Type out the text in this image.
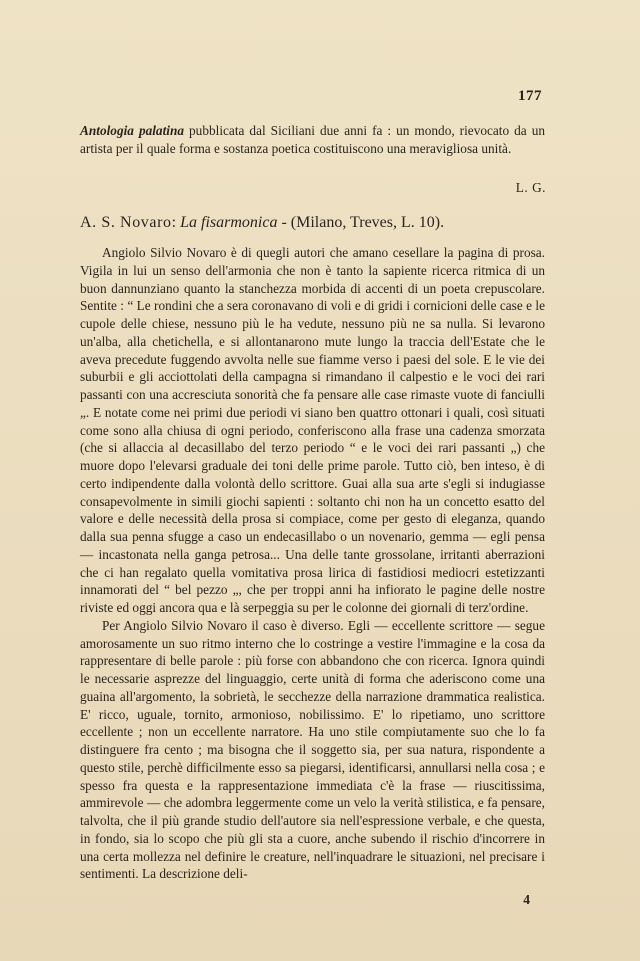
177

Antologia palatina pubblicata dal Siciliani due anni fa : un mondo, rievocato da un artista per il quale forma e sostanza poetica costituiscono una meravigliosa unità.

L. G.
A. S. Novaro: La fisarmonica - (Milano, Treves, L. 10).

Angiolo Silvio Novaro è di quegli autori che amano cesellare la pagina di prosa. Vigila in lui un senso dell'armonia che non è tanto la sapiente ricerca ritmica di un buon dannunziano quanto la stanchezza morbida di accenti di un poeta crepuscolare. Sentite : “ Le rondini che a sera coronavano di voli e di gridi i cornicioni delle case e le cupole delle chiese, nessuno più le ha vedute, nessuno più ne sa nulla. Si levarono un'alba, alla chetichella, e si allontanarono mute lungo la traccia dell'Estate che le aveva precedute fuggendo avvolta nelle sue fiamme verso i paesi del sole. E le vie dei suburbii e gli acciottolati della campagna si rimandano il calpestio e le voci dei rari passanti con una accresciuta sonorità che fa pensare alle case rimaste vuote di fanciulli „. E notate come nei primi due periodi vi siano ben quattro ottonari i quali, così situati come sono alla chiusa di ogni periodo, conferiscono alla frase una cadenza smorzata (che si allaccia al decasillabo del terzo periodo “ e le voci dei rari passanti „) che muore dopo l'elevarsi graduale dei toni delle prime parole. Tutto ciò, ben inteso, è di certo indipendente dalla volontà dello scrittore. Guai alla sua arte s'egli si indugiasse consapevolmente in simili giochi sapienti : soltanto chi non ha un concetto esatto del valore e delle necessità della prosa si compiace, come per gesto di eleganza, quando dalla sua penna sfugge a caso un endecasillabo o un novenario, gemma — egli pensa — incastonata nella ganga petrosa... Una delle tante grossolane, irritanti aberrazioni che ci han regalato quella vomitativa prosa lirica di fastidiosi mediocri estetizzanti innamorati del “ bel pezzo „, che per troppi anni ha infiorato le pagine delle nostre riviste ed oggi ancora qua e là serpeggia su per le colonne dei giornali di terz'ordine.

Per Angiolo Silvio Novaro il caso è diverso. Egli — eccellente scrittore — segue amorosamente un suo ritmo interno che lo costringe a vestire l'immagine e la cosa da rappresentare di belle parole : più forse con abbandono che con ricerca. Ignora quindi le necessarie asprezze del linguaggio, certe unità di forma che aderiscono come una guaina all'argomento, la sobrietà, le secchezze della narrazione drammatica realistica. E' ricco, uguale, tornito, armonioso, nobilissimo. E' lo ripetiamo, uno scrittore eccellente ; non un eccellente narratore. Ha uno stile compiutamente suo che lo fa distinguere fra cento ; ma bisogna che il soggetto sia, per sua natura, rispondente a questo stile, perchè difficilmente esso sa piegarsi, identificarsi, annullarsi nella cosa ; e spesso fra questa e la rappresentazione immediata c'è la frase — riuscitissima, ammirevole — che adombra leggermente come un velo la verità stilistica, e fa pensare, talvolta, che il più grande studio dell'autore sia nell'espressione verbale, e che questa, in fondo, sia lo scopo che più gli sta a cuore, anche subendo il rischio d'incorrere in una certa mollezza nel definire le creature, nell'inquadrare le situazioni, nel precisare i sentimenti. La descrizione deli-

4
